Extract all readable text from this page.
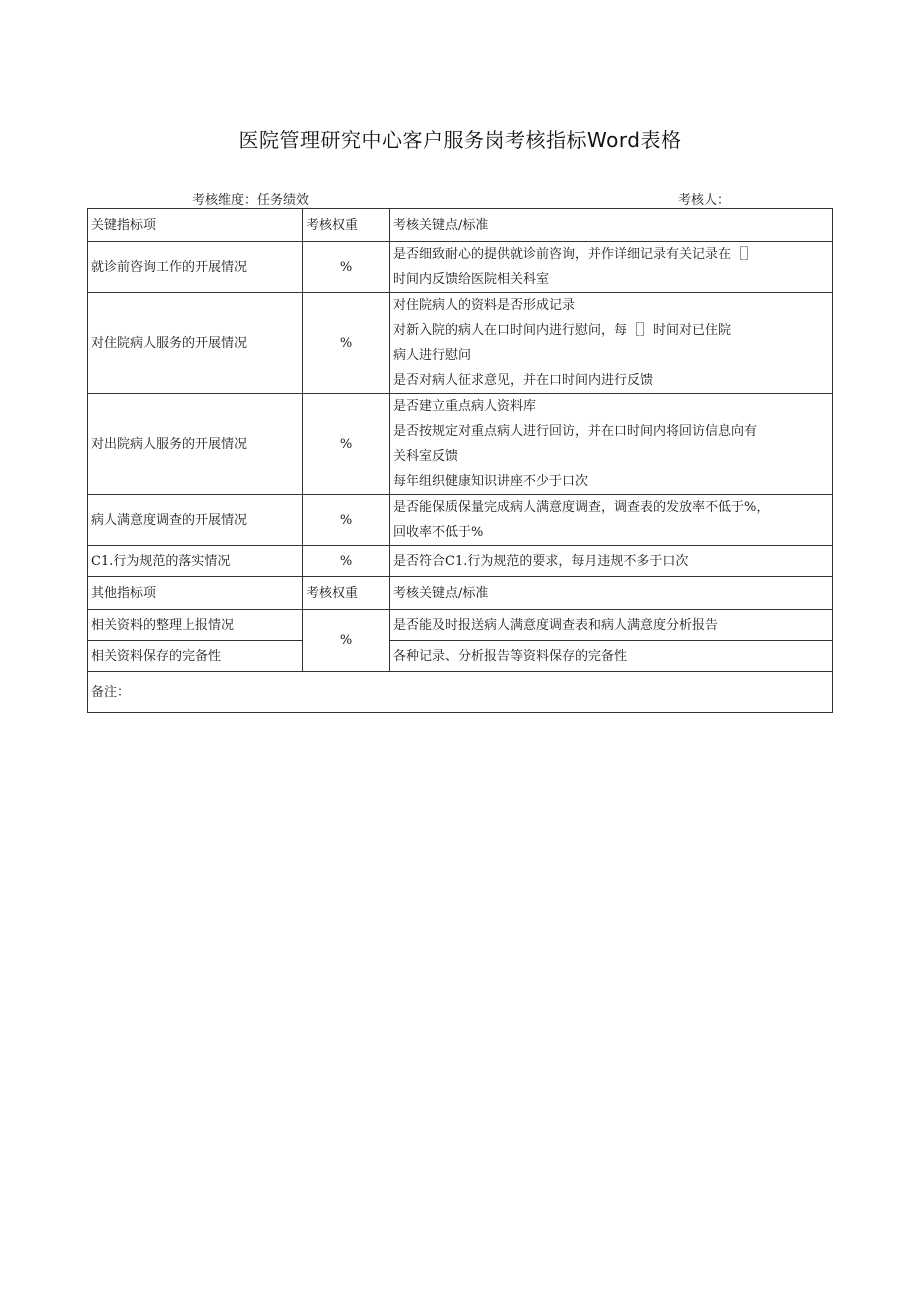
医院管理研究中心客户服务岗考核指标Word表格
考核维度：任务绩效	考核人：
关键指标项	考核权重	考核关键点/标准
就诊前咨询工作的开展情况	%	是否细致耐心的提供就诊前咨询，并作详细记录有关记录在［］
时间内反馈给医院相关科室

对住院病人服务的开展情况	%	对住院病人的资料是否形成记录
对新入院的病人在口时间内进行慰问，每［］时间对已住院
病人进行慰问
是否对病人征求意见，并在口时间内进行反馈

对出院病人服务的开展情况	%	是否建立重点病人资料库
是否按规定对重点病人进行回访，并在口时间内将回访信息向有
关科室反馈
每年组织健康知识讲座不少于口次

病人满意度调查的开展情况	%	是否能保质保量完成病人满意度调查，调查表的发放率不低于%，
回收率不低于%

C1.行为规范的落实情况	%	是否符合C1.行为规范的要求，每月违规不多于口次

其他指标项	考核权重	考核关键点/标准
相关资料的整理上报情况	%	是否能及时报送病人满意度调查表和病人满意度分析报告
相关资料保存的完备性		各种记录、分析报告等资料保存的完备性
备注：		
